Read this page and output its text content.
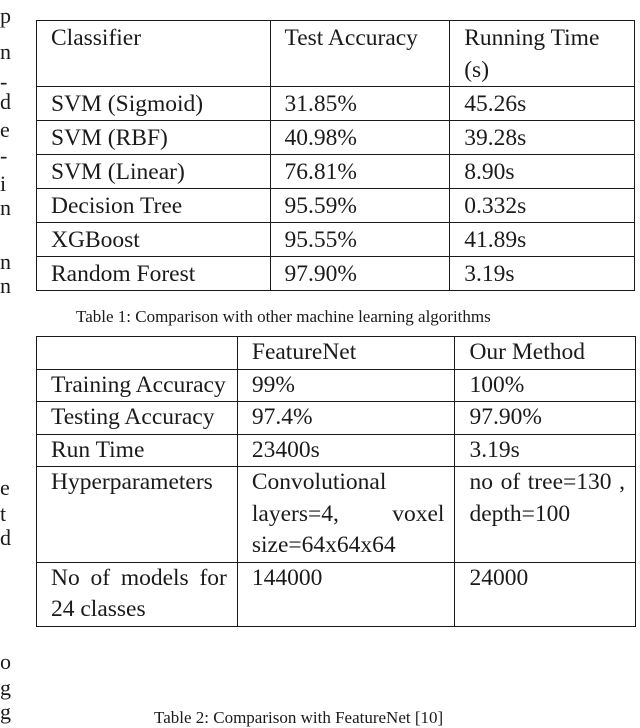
p
n
-
d
e
-
i
n
n
n
e
t
d
o
g
g
Classifier	Test Accuracy	Running Time (s)
SVM (Sigmoid)	31.85%	45.26s
SVM (RBF)	40.98%	39.28s
SVM (Linear)	76.81%	8.90s
Decision Tree	95.59%	0.332s
XGBoost	95.55%	41.89s
Random Forest	97.90%	3.19s
Table 1: Comparison with other machine learning algorithms
	FeatureNet	Our Method
Training Accuracy	99%	100%
Testing Accuracy	97.4%	97.90%
Run Time	23400s	3.19s
Hyperparameters	Convolutional layers=4, voxel size=64x64x64	no of tree=130 , depth=100
No of models for 24 classes	144000	24000
Table 2: Comparison with FeatureNet [10]
